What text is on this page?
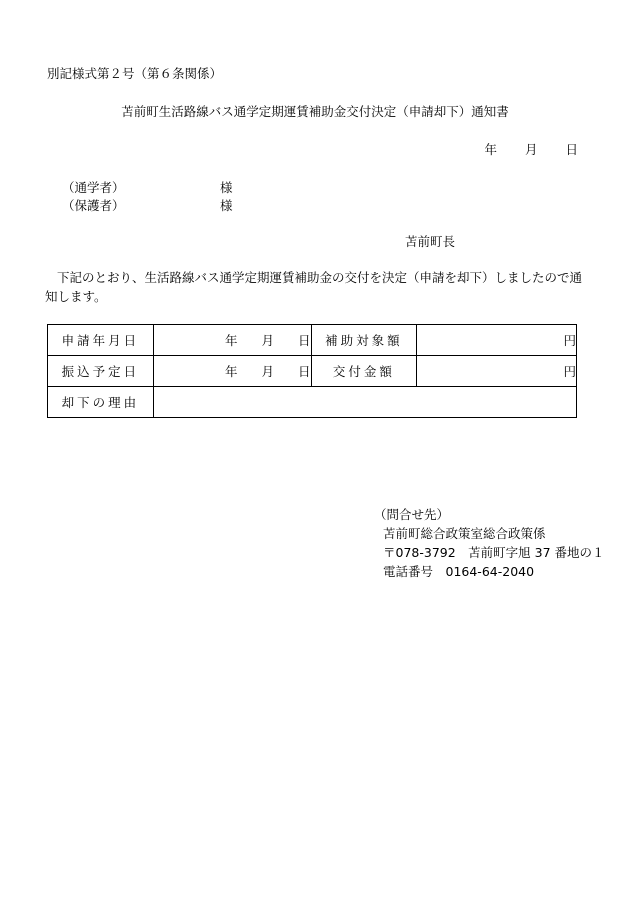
別記様式第２号（第６条関係）
苫前町生活路線バス通学定期運賃補助金交付決定（申請却下）通知書
年 月 日
（通学者）	様
（保護者）	様
苫前町長
下記のとおり、生活路線バス通学定期運賃補助金の交付を決定（申請を却下）しましたので通知します。
申請年月日	年 月 日	補助対象額	円
振込予定日	年 月 日	交付金額	円
却下の理由			
（問合せ先）
苫前町総合政策室総合政策係
〒078-3792　苫前町字旭 37 番地の１
電話番号　0164-64-2040
